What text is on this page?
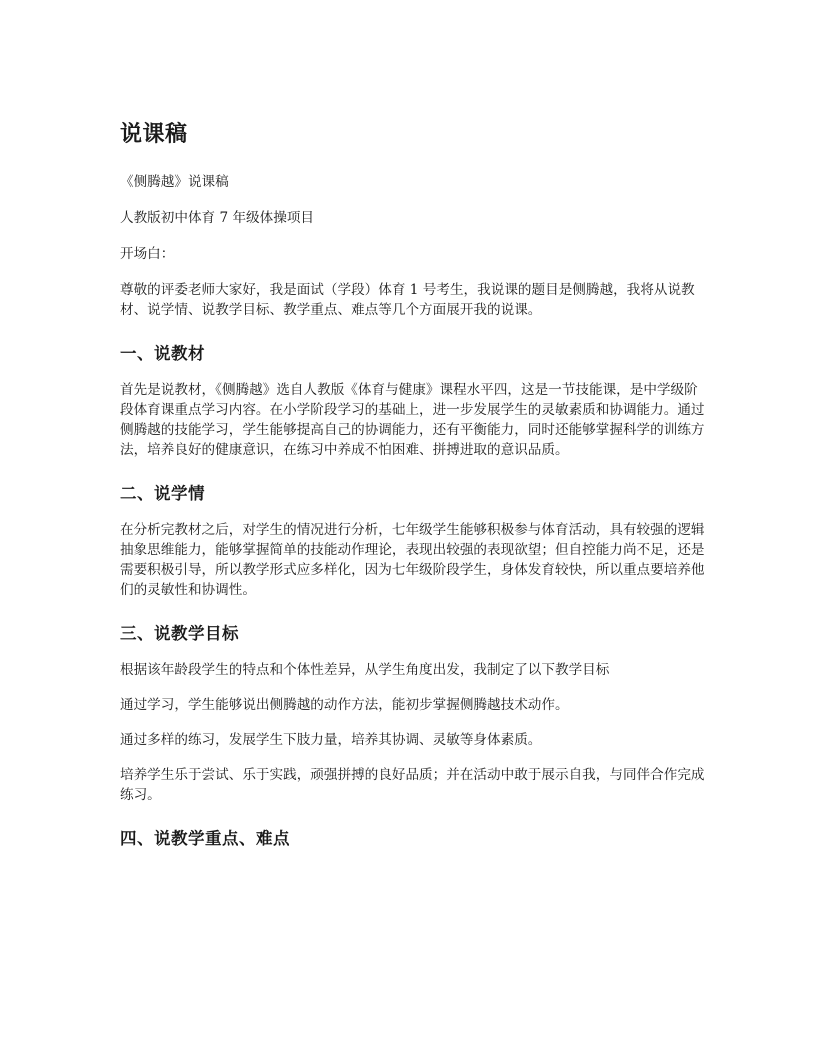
说课稿

《侧腾越》说课稿

人教版初中体育 7 年级体操项目

开场白：

尊敬的评委老师大家好，我是面试（学段）体育 1 号考生，我说课的题目是侧腾越，我将从说教材、说学情、说教学目标、教学重点、难点等几个方面展开我的说课。

一、说教材

首先是说教材，《侧腾越》选自人教版《体育与健康》课程水平四，这是一节技能课，是中学级阶段体育课重点学习内容。在小学阶段学习的基础上，进一步发展学生的灵敏素质和协调能力。通过侧腾越的技能学习，学生能够提高自己的协调能力，还有平衡能力，同时还能够掌握科学的训练方法，培养良好的健康意识，在练习中养成不怕困难、拼搏进取的意识品质。

二、说学情

在分析完教材之后，对学生的情况进行分析，七年级学生能够积极参与体育活动，具有较强的逻辑抽象思维能力，能够掌握简单的技能动作理论，表现出较强的表现欲望；但自控能力尚不足，还是需要积极引导，所以教学形式应多样化，因为七年级阶段学生，身体发育较快，所以重点要培养他们的灵敏性和协调性。

三、说教学目标

根据该年龄段学生的特点和个体性差异，从学生角度出发，我制定了以下教学目标

通过学习，学生能够说出侧腾越的动作方法，能初步掌握侧腾越技术动作。

通过多样的练习，发展学生下肢力量，培养其协调、灵敏等身体素质。

培养学生乐于尝试、乐于实践，顽强拼搏的良好品质；并在活动中敢于展示自我，与同伴合作完成练习。

四、说教学重点、难点
